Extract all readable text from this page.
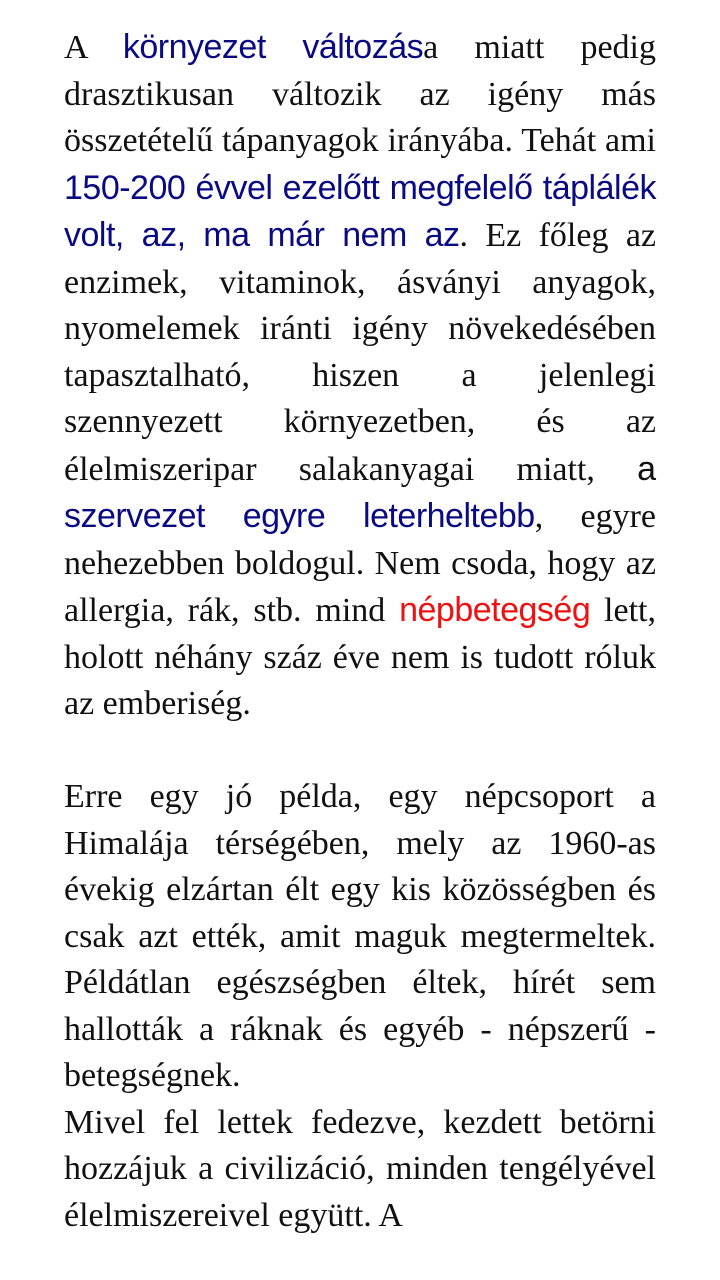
A környezet változása miatt pedig drasztikusan változik az igény más összetételű tápanyagok irányába. Tehát ami 150-200 évvel ezelőtt megfelelő táplálék volt, az, ma már nem az. Ez főleg az enzimek, vitaminok, ásványi anyagok, nyomelemek iránti igény növekedésében tapasztalható, hiszen a jelenlegi szennyezett környezetben, és az élelmiszeripar salakanyagai miatt, a szervezet egyre leterheltebb, egyre nehezebben boldogul. Nem csoda, hogy az allergia, rák, stb. mind népbetegség lett, holott néhány száz éve nem is tudott róluk az emberiség.

Erre egy jó példa, egy népcsoport a Himalája térségében, mely az 1960-as évekig elzártan élt egy kis közösségben és csak azt ették, amit maguk megtermeltek. Példátlan egészségben éltek, hírét sem hallották a ráknak és egyéb - népszerű - betegségnek.

Mivel fel lettek fedezve, kezdett betörni hozzájuk a civilizáció, minden tengélyével élelmiszereivel együtt. A
